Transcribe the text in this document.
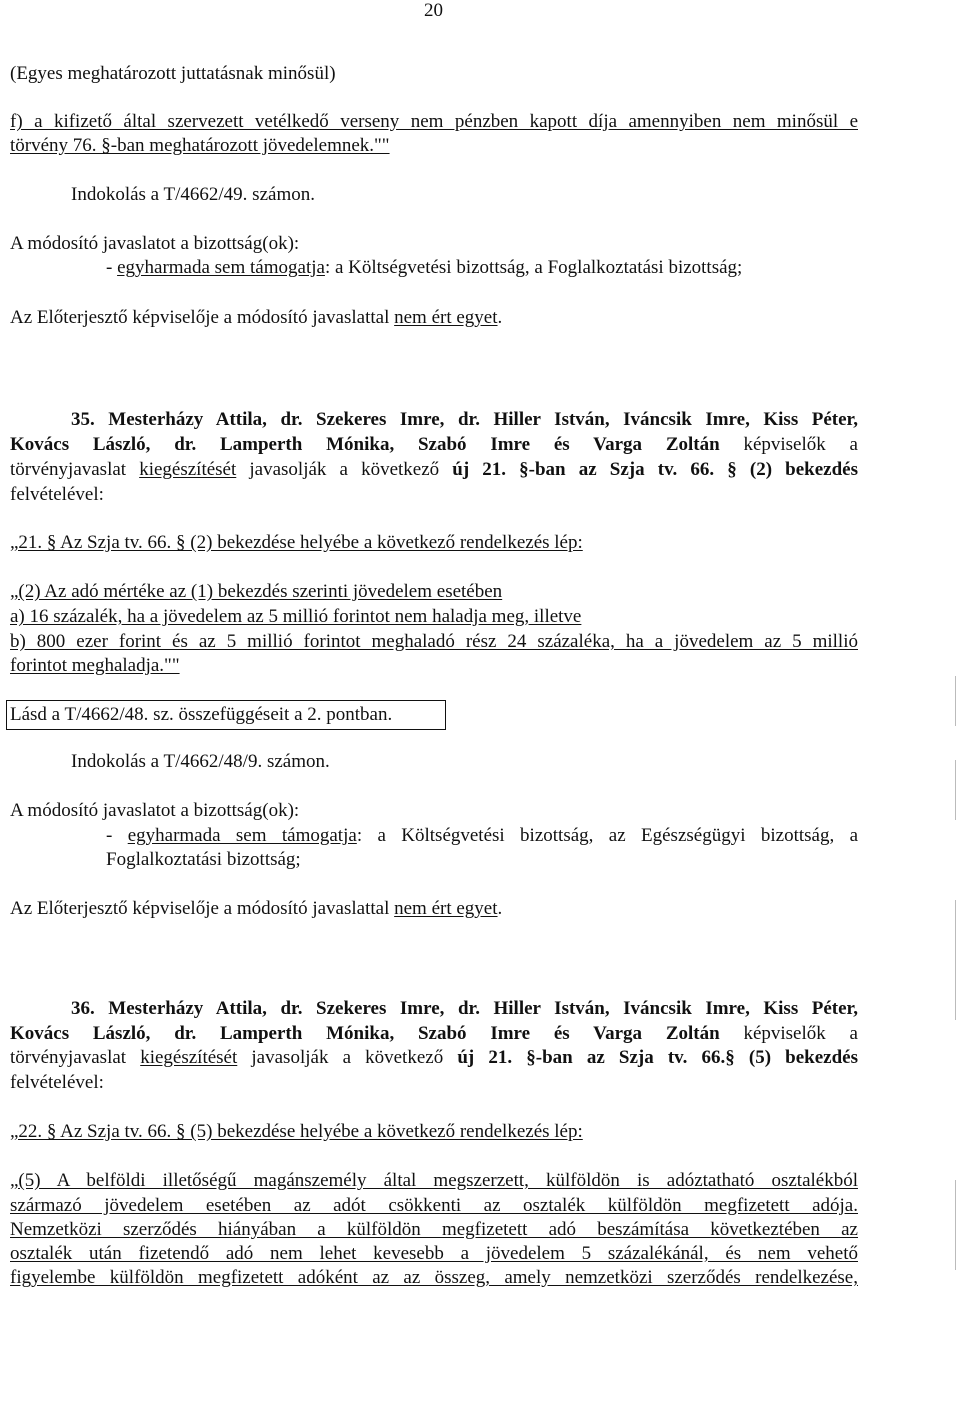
20
(Egyes meghatározott juttatásnak minősül)
f) a kifizető által szervezett vetélkedő verseny nem pénzben kapott díja amennyiben nem minősül e
törvény 76. §-ban meghatározott jövedelemnek.""
Indokolás a T/4662/49. számon.
A módosító javaslatot a bizottság(ok):
- egyharmada sem támogatja: a Költségvetési bizottság, a Foglalkoztatási bizottság;
Az Előterjesztő képviselője a módosító javaslattal nem ért egyet.
35. Mesterházy Attila, dr. Szekeres Imre, dr. Hiller István, Iváncsik Imre, Kiss Péter,
Kovács László, dr. Lamperth Mónika, Szabó Imre és Varga Zoltán képviselők a
törvényjavaslat kiegészítését javasolják a következő új 21. §-ban az Szja tv. 66. § (2) bekezdés
felvételével:
„21. § Az Szja tv. 66. § (2) bekezdése helyébe a következő rendelkezés lép:
„(2) Az adó mértéke az (1) bekezdés szerinti jövedelem esetében
a) 16 százalék, ha a jövedelem az 5 millió forintot nem haladja meg, illetve
b) 800 ezer forint és az 5 millió forintot meghaladó rész 24 százaléka, ha a jövedelem az 5 millió
forintot meghaladja.""
Lásd a T/4662/48. sz. összefüggéseit a 2. pontban.
Indokolás a T/4662/48/9. számon.
A módosító javaslatot a bizottság(ok):
- egyharmada sem támogatja: a Költségvetési bizottság, az Egészségügyi bizottság, a
Foglalkoztatási bizottság;
Az Előterjesztő képviselője a módosító javaslattal nem ért egyet.
36. Mesterházy Attila, dr. Szekeres Imre, dr. Hiller István, Iváncsik Imre, Kiss Péter,
Kovács László, dr. Lamperth Mónika, Szabó Imre és Varga Zoltán képviselők a
törvényjavaslat kiegészítését javasolják a következő új 21. §-ban az Szja tv. 66.§ (5) bekezdés
felvételével:
„22. § Az Szja tv. 66. § (5) bekezdése helyébe a következő rendelkezés lép:
„(5) A belföldi illetőségű magánszemély által megszerzett, külföldön is adóztatható osztalékból
származó jövedelem esetében az adót csökkenti az osztalék külföldön megfizetett adója.
Nemzetközi szerződés hiányában a külföldön megfizetett adó beszámítása következtében az
osztalék után fizetendő adó nem lehet kevesebb a jövedelem 5 százalékánál, és nem vehető
figyelembe külföldön megfizetett adóként az az összeg, amely nemzetközi szerződés rendelkezése,
